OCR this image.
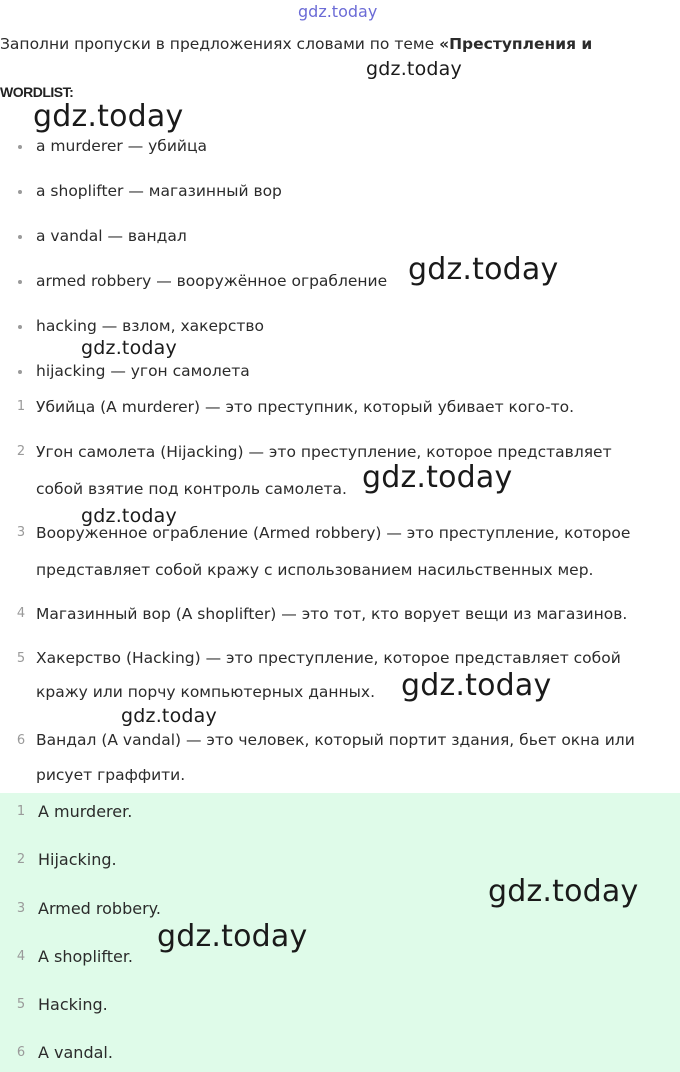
gdz.today
Заполни пропуски в предложениях словами по теме «Преступления и
gdz.today
WORDLIST:
gdz.today
a murderer — убийца
a shoplifter — магазинный вор
a vandal — вандал
armed robbery — вооружённое ограбление
hacking — взлом, хакерство
hijacking — угон самолета
gdz.today
gdz.today
1 Убийца (A murderer) — это преступник, который убивает кого-то.
2 Угон самолета (Hijacking) — это преступление, которое представляет собой взятие под контроль самолета.
3 Вооруженное ограбление (Armed robbery) — это преступление, которое представляет собой кражу с использованием насильственных мер.
4 Магазинный вор (A shoplifter) — это тот, кто ворует вещи из магазинов.
5 Хакерство (Hacking) — это преступление, которое представляет собой кражу или порчу компьютерных данных.
6 Вандал (A vandal) — это человек, который портит здания, бьет окна или рисует граффити.
gdz.today
gdz.today
gdz.today
gdz.today
1 A murderer.
2 Hijacking.
3 Armed robbery.
4 A shoplifter.
5 Hacking.
6 A vandal.
gdz.today
gdz.today
